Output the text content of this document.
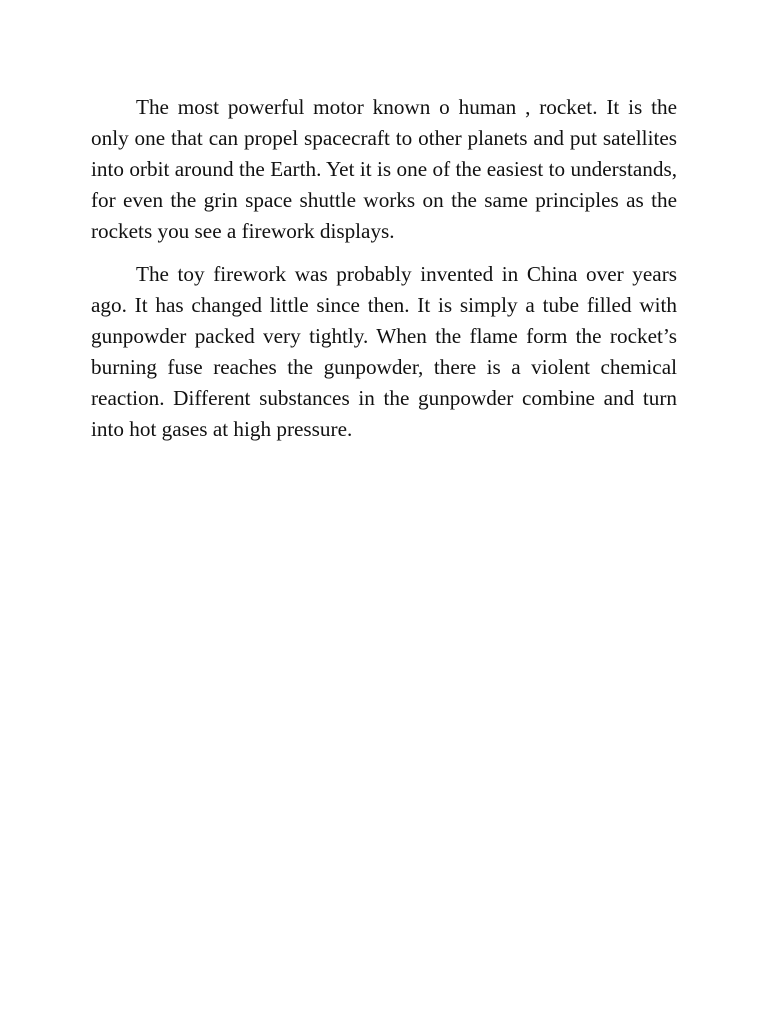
The most powerful motor known o human , rocket. It is the only one that can propel spacecraft to other planets and put satellites into orbit around the Earth. Yet it is one of the easiest to understands, for even the grin space shuttle works on the same principles as the rockets you see a firework displays.

The toy firework was probably invented in China over years ago. It has changed little since then. It is simply a tube filled with gunpowder packed very tightly. When the flame form the rocket’s burning fuse reaches the gunpowder, there is a violent chemical reaction. Different substances in the gunpowder combine and turn into hot gases at high pressure.
